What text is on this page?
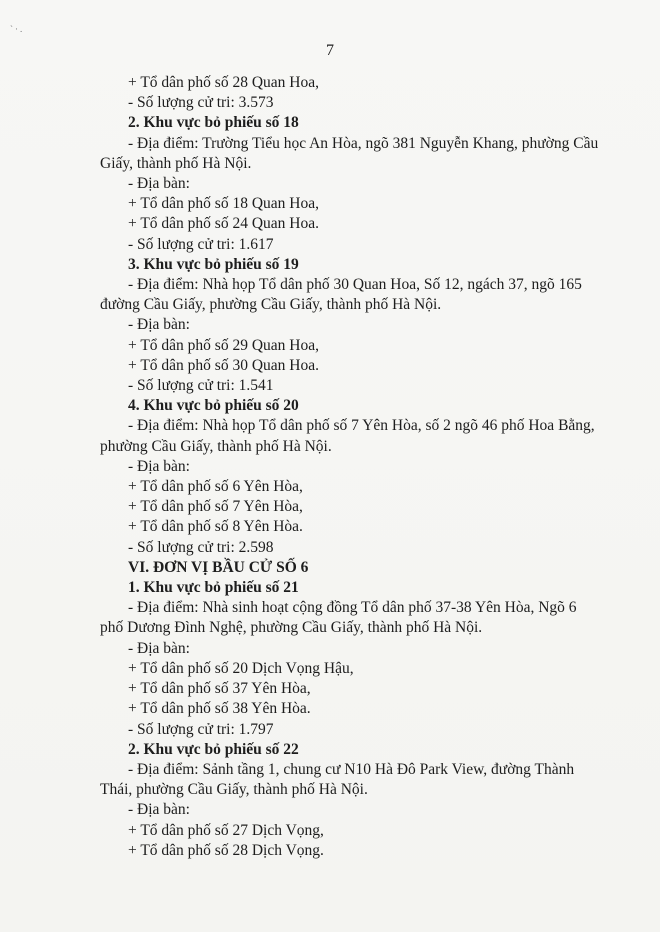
`·.
7
+ Tổ dân phố số 28 Quan Hoa,
- Số lượng cử tri: 3.573
2. Khu vực bỏ phiếu số 18
- Địa điểm: Trường Tiểu học An Hòa, ngõ 381 Nguyễn Khang, phường Cầu
Giấy, thành phố Hà Nội.
- Địa bàn:
+ Tổ dân phố số 18 Quan Hoa,
+ Tổ dân phố số 24 Quan Hoa.
- Số lượng cử tri: 1.617
3. Khu vực bỏ phiếu số 19
- Địa điểm: Nhà họp Tổ dân phố 30 Quan Hoa, Số 12, ngách 37, ngõ 165
đường Cầu Giấy, phường Cầu Giấy, thành phố Hà Nội.
- Địa bàn:
+ Tổ dân phố số 29 Quan Hoa,
+ Tổ dân phố số 30 Quan Hoa.
- Số lượng cử tri: 1.541
4. Khu vực bỏ phiếu số 20
- Địa điểm: Nhà họp Tổ dân phố số 7 Yên Hòa, số 2 ngõ 46 phố Hoa Bằng,
phường Cầu Giấy, thành phố Hà Nội.
- Địa bàn:
+ Tổ dân phố số 6 Yên Hòa,
+ Tổ dân phố số 7 Yên Hòa,
+ Tổ dân phố số 8 Yên Hòa.
- Số lượng cử tri: 2.598
VI. ĐƠN VỊ BẦU CỬ SỐ 6
1. Khu vực bỏ phiếu số 21
- Địa điểm: Nhà sinh hoạt cộng đồng Tổ dân phố 37-38 Yên Hòa, Ngõ 6
phố Dương Đình Nghệ, phường Cầu Giấy, thành phố Hà Nội.
- Địa bàn:
+ Tổ dân phố số 20 Dịch Vọng Hậu,
+ Tổ dân phố số 37 Yên Hòa,
+ Tổ dân phố số 38 Yên Hòa.
- Số lượng cử tri: 1.797
2. Khu vực bỏ phiếu số 22
- Địa điểm: Sảnh tầng 1, chung cư N10 Hà Đô Park View, đường Thành
Thái, phường Cầu Giấy, thành phố Hà Nội.
- Địa bàn:
+ Tổ dân phố số 27 Dịch Vọng,
+ Tổ dân phố số 28 Dịch Vọng.
